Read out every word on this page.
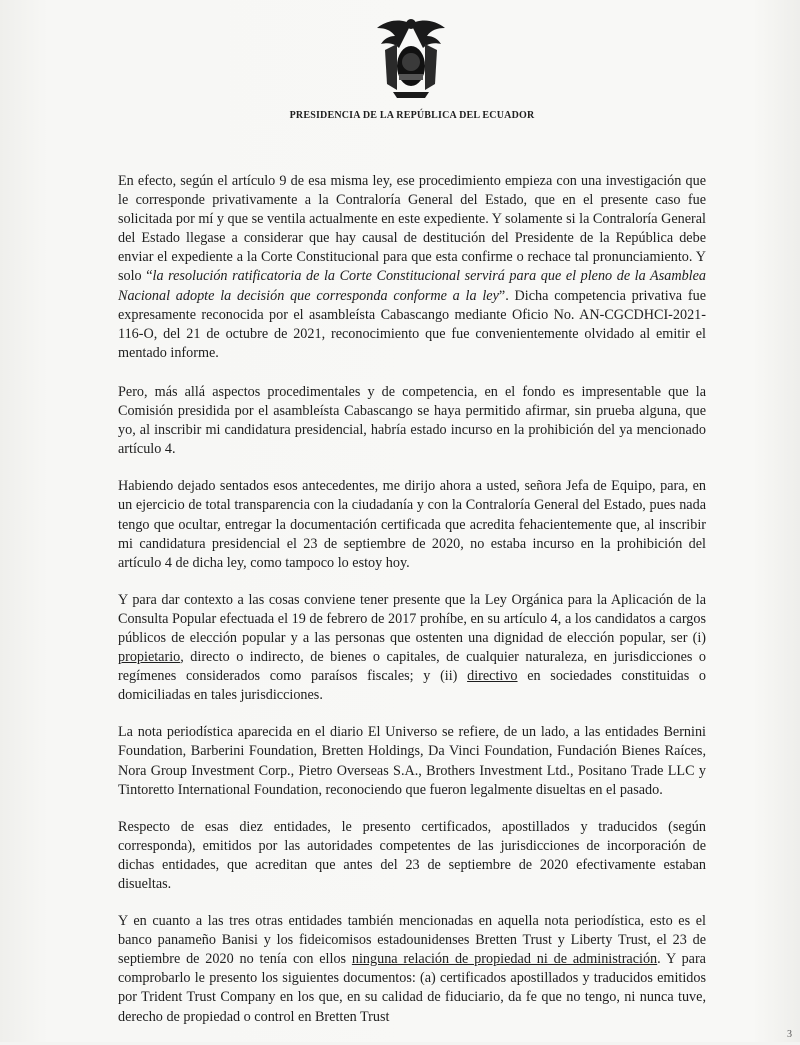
PRESIDENCIA DE LA REPÚBLICA DEL ECUADOR

En efecto, según el artículo 9 de esa misma ley, ese procedimiento empieza con una investigación que le corresponde privativamente a la Contraloría General del Estado, que en el presente caso fue solicitada por mí y que se ventila actualmente en este expediente. Y solamente si la Contraloría General del Estado llegase a considerar que hay causal de destitución del Presidente de la República debe enviar el expediente a la Corte Constitucional para que esta confirme o rechace tal pronunciamiento. Y solo “la resolución ratificatoria de la Corte Constitucional servirá para que el pleno de la Asamblea Nacional adopte la decisión que corresponda conforme a la ley”. Dicha competencia privativa fue expresamente reconocida por el asambleísta Cabascango mediante Oficio No. AN-CGCDHCI-2021-116-O, del 21 de octubre de 2021, reconocimiento que fue convenientemente olvidado al emitir el mentado informe.

Pero, más allá aspectos procedimentales y de competencia, en el fondo es impresentable que la Comisión presidida por el asambleísta Cabascango se haya permitido afirmar, sin prueba alguna, que yo, al inscribir mi candidatura presidencial, habría estado incurso en la prohibición del ya mencionado artículo 4.

Habiendo dejado sentados esos antecedentes, me dirijo ahora a usted, señora Jefa de Equipo, para, en un ejercicio de total transparencia con la ciudadanía y con la Contraloría General del Estado, pues nada tengo que ocultar, entregar la documentación certificada que acredita fehacientemente que, al inscribir mi candidatura presidencial el 23 de septiembre de 2020, no estaba incurso en la prohibición del artículo 4 de dicha ley, como tampoco lo estoy hoy.

Y para dar contexto a las cosas conviene tener presente que la Ley Orgánica para la Aplicación de la Consulta Popular efectuada el 19 de febrero de 2017 prohíbe, en su artículo 4, a los candidatos a cargos públicos de elección popular y a las personas que ostenten una dignidad de elección popular, ser (i) propietario, directo o indirecto, de bienes o capitales, de cualquier naturaleza, en jurisdicciones o regímenes considerados como paraísos fiscales; y (ii) directivo en sociedades constituidas o domiciliadas en tales jurisdicciones.

La nota periodística aparecida en el diario El Universo se refiere, de un lado, a las entidades Bernini Foundation, Barberini Foundation, Bretten Holdings, Da Vinci Foundation, Fundación Bienes Raíces, Nora Group Investment Corp., Pietro Overseas S.A., Brothers Investment Ltd., Positano Trade LLC y Tintoretto International Foundation, reconociendo que fueron legalmente disueltas en el pasado.

Respecto de esas diez entidades, le presento certificados, apostillados y traducidos (según corresponda), emitidos por las autoridades competentes de las jurisdicciones de incorporación de dichas entidades, que acreditan que antes del 23 de septiembre de 2020 efectivamente estaban disueltas.

Y en cuanto a las tres otras entidades también mencionadas en aquella nota periodística, esto es el banco panameño Banisi y los fideicomisos estadounidenses Bretten Trust y Liberty Trust, el 23 de septiembre de 2020 no tenía con ellos ninguna relación de propiedad ni de administración. Y para comprobarlo le presento los siguientes documentos: (a) certificados apostillados y traducidos emitidos por Trident Trust Company en los que, en su calidad de fiduciario, da fe que no tengo, ni nunca tuve, derecho de propiedad o control en Bretten Trust

3
